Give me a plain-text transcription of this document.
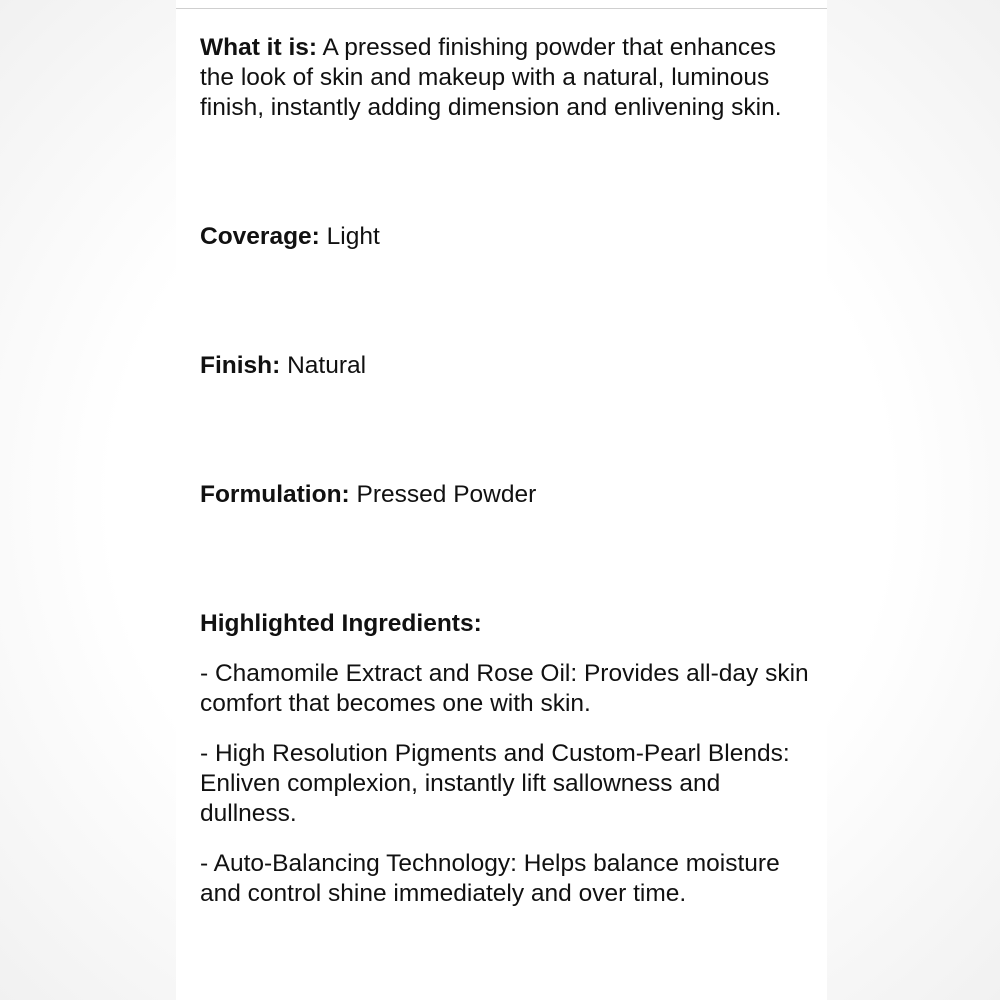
What it is: A pressed finishing powder that enhances the look of skin and makeup with a natural, luminous finish, instantly adding dimension and enlivening skin.

Coverage: Light

Finish: Natural

Formulation: Pressed Powder

Highlighted Ingredients:

- Chamomile Extract and Rose Oil: Provides all-day skin comfort that becomes one with skin.

- High Resolution Pigments and Custom-Pearl Blends: Enliven complexion, instantly lift sallowness and dullness.

- Auto-Balancing Technology: Helps balance moisture and control shine immediately and over time.
